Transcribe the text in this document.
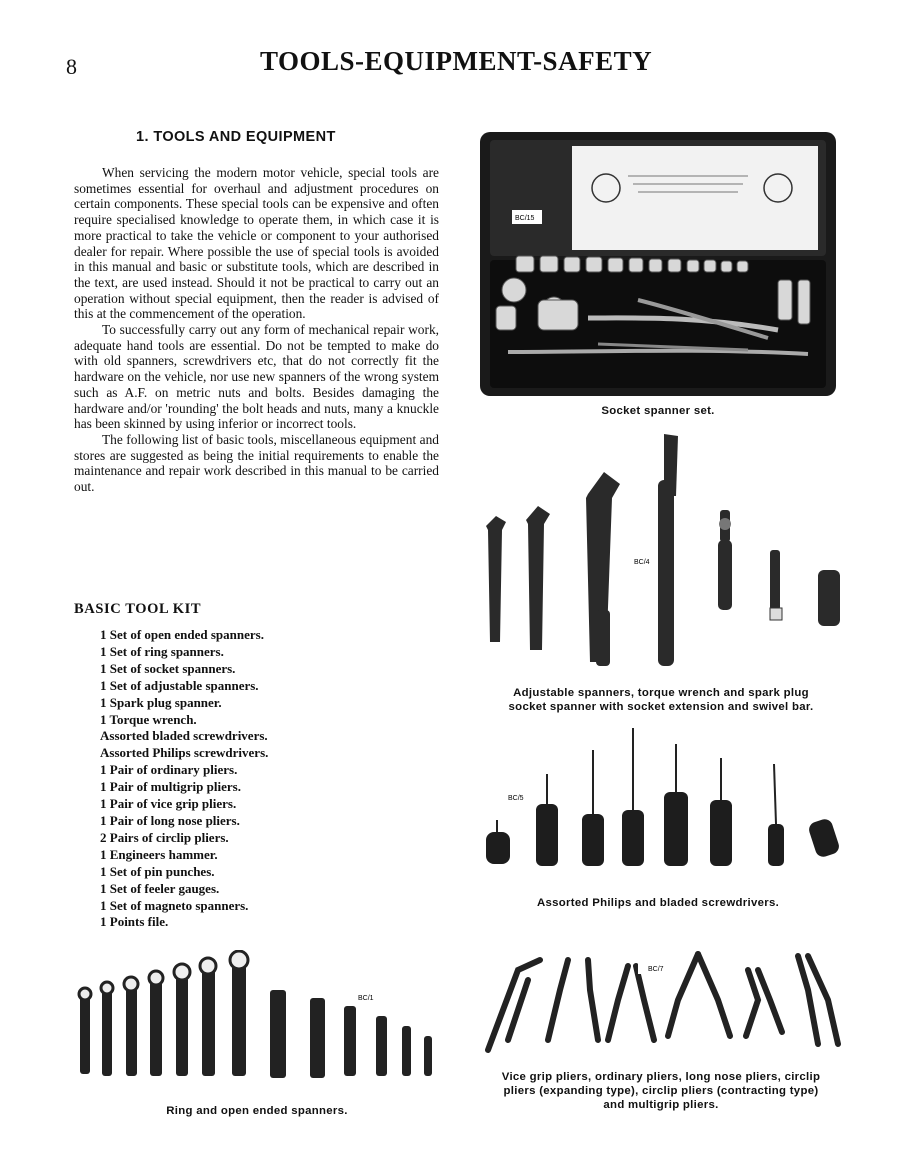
8	TOOLS-EQUIPMENT-SAFETY
1. TOOLS AND EQUIPMENT

When servicing the modern motor vehicle, special tools are sometimes essential for overhaul and adjustment procedures on certain components. These special tools can be expensive and often require specialised knowledge to operate them, in which case it is more practical to take the vehicle or component to your authorised dealer for repair. Where possible the use of special tools is avoided in this manual and basic or substitute tools, which are described in the text, are used instead. Should it not be practical to carry out an operation without special equipment, then the reader is advised of this at the commencement of the operation.

To successfully carry out any form of mechanical repair work, adequate hand tools are essential. Do not be tempted to make do with old spanners, screwdrivers etc, that do not correctly fit the hardware on the vehicle, nor use new spanners of the wrong system such as A.F. on metric nuts and bolts. Besides damaging the hardware and/or 'rounding' the bolt heads and nuts, many a knuckle has been skinned by using inferior or incorrect tools.

The following list of basic tools, miscellaneous equipment and stores are suggested as being the initial requirements to enable the maintenance and repair work described in this manual to be carried out.

BASIC TOOL KIT
1 Set of open ended spanners.
1 Set of ring spanners.
1 Set of socket spanners.
1 Set of adjustable spanners.
1 Spark plug spanner.
1 Torque wrench.
Assorted bladed screwdrivers.
Assorted Philips screwdrivers.
1 Pair of ordinary pliers.
1 Pair of multigrip pliers.
1 Pair of vice grip pliers.
1 Pair of long nose pliers.
2 Pairs of circlip pliers.
1 Engineers hammer.
1 Set of pin punches.
1 Set of feeler gauges.
1 Set of magneto spanners.
1 Points file.
BC/15
Socket spanner set.
BC/4
Adjustable spanners, torque wrench and spark plug
socket spanner with socket extension and swivel bar.
BC/5
Assorted Philips and bladed screwdrivers.
BC/7
Vice grip pliers, ordinary pliers, long nose pliers, circlip
pliers (expanding type), circlip pliers (contracting type)
and multigrip pliers.
BC/1
Ring and open ended spanners.
